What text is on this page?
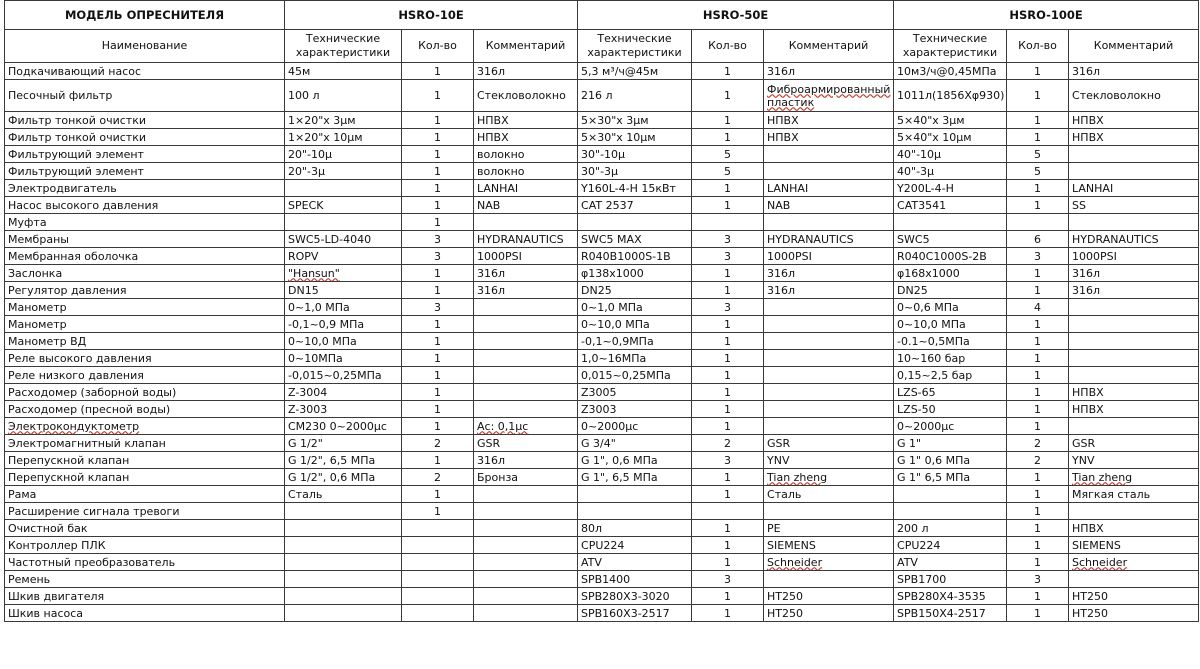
МОДЕЛЬ ОПРЕСНИТЕЛЯ	HSRO-10E			HSRO-50E			HSRO-100E		
Наименование	Технические характеристики	Кол-во	Комментарий	Технические характеристики	Кол-во	Комментарий	Технические характеристики	Кол-во	Комментарий
Подкачивающий насос	45м	1	316л	5,3 м³/ч@45м	1	316л	10м3/ч@0,45МПа	1	316л
Песочный фильтр	100 л	1	Стекловолокно	216 л	1	Фиброармированный пластик	1011л(1856Xφ930)	1	Стекловолокно
Фильтр тонкой очистки	1×20"х 3μм	1	НПВХ	5×30"х 3μм	1	НПВХ	5×40"х 3μм	1	НПВХ
Фильтр тонкой очистки	1×20"х 10μм	1	НПВХ	5×30"х 10μм	1	НПВХ	5×40"х 10μм	1	НПВХ
Фильтрующий элемент	20"-10μ	1	волокно	30"-10μ	5		40"-10μ	5	
Фильтрующий элемент	20"-3μ	1	волокно	30"-3μ	5		40"-3μ	5	
Электродвигатель		1	LANHAI	Y160L-4-H 15кВт	1	LANHAI	Y200L-4-H	1	LANHAI
Насос высокого давления	SPECK	1	NAB	CAT 2537	1	NAB	CAT3541	1	SS
Муфта		1							
Мембраны	SWC5-LD-4040	3	HYDRANAUTICS	SWC5 MAX	3	HYDRANAUTICS	SWC5	6	HYDRANAUTICS
Мембранная оболочка	ROPV	3	1000PSI	R040B1000S-1B	3	1000PSI	R040C1000S-2B	3	1000PSI
Заслонка	"Hansun"	1	316л	φ138x1000	1	316л	φ168x1000	1	316л
Регулятор давления	DN15	1	316л	DN25	1	316л	DN25	1	316л
Манометр	0~1,0 МПа	3		0~1,0 МПа	3		0~0,6 МПа	4	
Манометр	-0,1~0,9 МПа	1		0~10,0 МПа	1		0~10,0 МПа	1	
Манометр ВД	0~10,0 МПа	1		-0,1~0,9МПа	1		-0.1~0,5МПа	1	
Реле высокого давления	0~10МПа	1		1,0~16МПа	1		10~160 бар	1	
Реле низкого давления	-0,015~0,25МПа	1		0,015~0,25МПа	1		0,15~2,5 бар	1	
Расходомер (заборной воды)	Z-3004	1		Z3005	1		LZS-65	1	НПВХ
Расходомер (пресной воды)	Z-3003	1		Z3003	1		LZS-50	1	НПВХ
Электрокондуктометр	CM230 0~2000μс	1	Ас: 0,1μс	0~2000μс	1		0~2000μс	1	
Электромагнитный клапан	G 1/2"	2	GSR	G 3/4"	2	GSR	G 1"	2	GSR
Перепускной клапан	G 1/2", 6,5 МПа	1	316л	G 1", 0,6 МПа	3	YNV	G 1" 0,6 МПа	2	YNV
Перепускной клапан	G 1/2", 0,6 МПа	2	Бронза	G 1", 6,5 МПа	1	Tian zheng	G 1" 6,5 МПа	1	Tian zheng
Рама	Сталь	1			1	Сталь		1	Мягкая сталь
Расширение сигнала тревоги		1						1	
Очистной бак				80л	1	PE	200 л	1	НПВХ
Контроллер ПЛК				CPU224	1	SIEMENS	CPU224	1	SIEMENS
Частотный преобразователь				ATV	1	Schneider	ATV	1	Schneider
Ремень				SPB1400	3		SPB1700	3	
Шкив двигателя				SPB280X3-3020	1	HT250	SPB280X4-3535	1	HT250
Шкив насоса				SPB160X3-2517	1	HT250	SPB150X4-2517	1	HT250
